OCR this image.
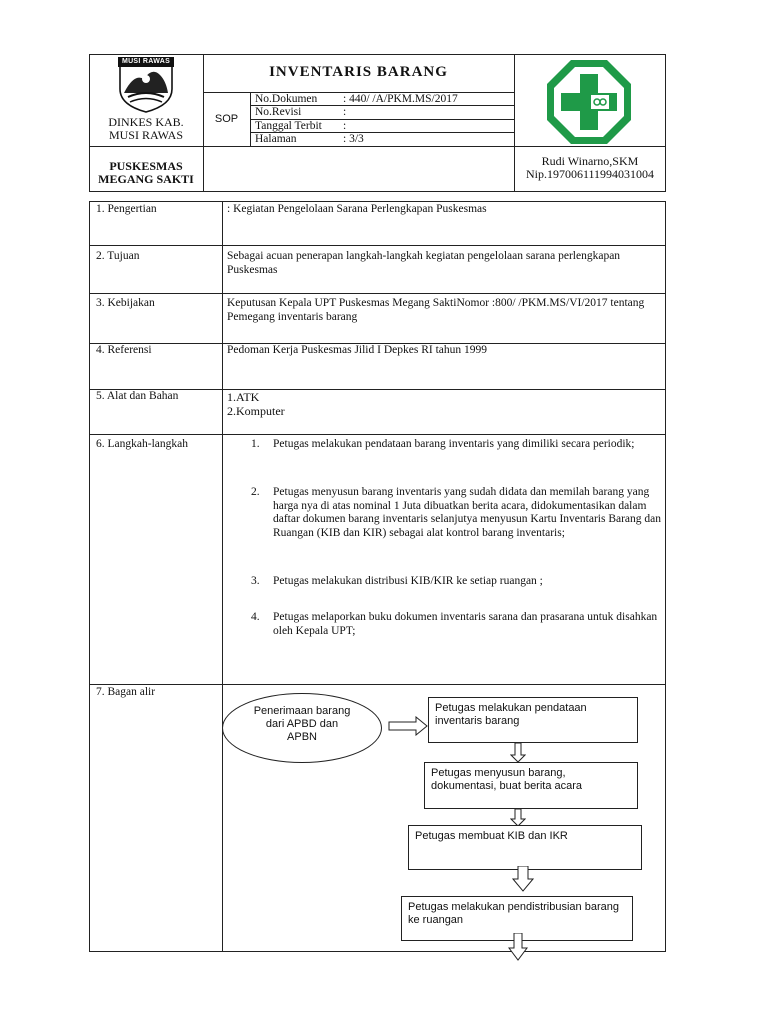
MUSI RAWAS
DINKES KAB.
MUSI RAWAS
INVENTARIS BARANG
SOP
No.Dokumen : 440/ /A/PKM.MS/2017
No.Revisi	:
Tanggal Terbit :
Halaman	: 3/3
PUSKESMAS
MEGANG SAKTI
Rudi Winarno,SKM
Nip.197006111994031004
1. Pengertian	: Kegiatan Pengelolaan Sarana Perlengkapan Puskesmas
2. Tujuan	Sebagai acuan penerapan langkah-langkah kegiatan pengelolaan sarana perlengkapan Puskesmas
3. Kebijakan	Keputusan Kepala UPT Puskesmas Megang SaktiNomor :800/ /PKM.MS/VI/2017 tentang Pemegang inventaris barang
4. Referensi	Pedoman Kerja Puskesmas Jilid I Depkes RI tahun 1999
5. Alat dan Bahan	1.ATK
2.Komputer
6. Langkah-langkah	1. Petugas melakukan pendataan barang inventaris yang dimiliki secara periodik;
2. Petugas menyusun barang inventaris yang sudah didata dan memilah barang yang harga nya di atas nominal 1 Juta dibuatkan berita acara, didokumentasikan dalam daftar dokumen barang inventaris selanjutya menyusun Kartu Inventaris Barang dan Ruangan (KIB dan KIR) sebagai alat kontrol barang inventaris;
3. Petugas melakukan distribusi KIB/KIR ke setiap ruangan ;
4. Petugas melaporkan buku dokumen inventaris sarana dan prasarana untuk disahkan oleh Kepala UPT;
7. Bagan alir
Penerimaan barang dari APBD dan APBN
Petugas melakukan pendataan inventaris barang
Petugas menyusun barang, dokumentasi, buat berita acara
Petugas membuat KIB dan IKR
Petugas melakukan pendistribusian barang ke ruangan
